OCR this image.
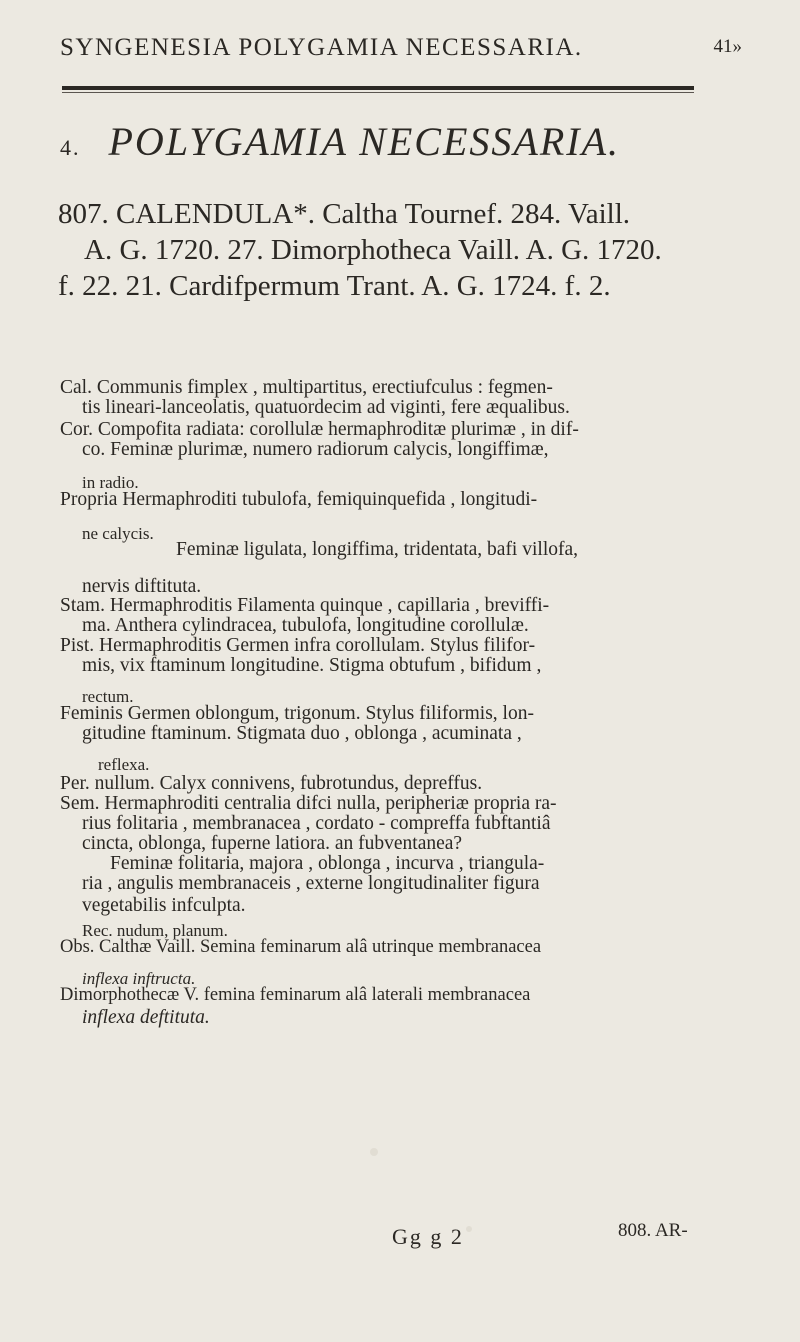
SYNGENESIA POLYGAMIA NECESSARIA.	41»
4. POLYGAMIA NECESSARIA.
807. CALENDULA*. Caltha Tournef. 284. Vaill.
A. G. 1720. 27. Dimorphotheca Vaill. A. G. 1720.
f. 22. 21. Cardifpermum Trant. A. G. 1724. f. 2.
Cal. Communis fimplex , multipartitus, erectiufculus : fegmen-
tis lineari-lanceolatis, quatuordecim ad viginti, fere æqualibus.
Cor. Compofita radiata: corollulæ hermaphroditæ plurimæ , in dif-
co. Feminæ plurimæ, numero radiorum calycis, longiffimæ,
in radio.
Propria Hermaphroditi tubulofa, femiquinquefida , longitudi-
ne calycis.
Feminæ ligulata, longiffima, tridentata, bafi villofa,
nervis diftituta.
Stam. Hermaphroditis Filamenta quinque , capillaria , breviffi-
ma. Anthera cylindracea, tubulofa, longitudine corollulæ.
Pist. Hermaphroditis Germen infra corollulam. Stylus filifor-
mis, vix ftaminum longitudine. Stigma obtufum , bifidum ,
rectum.
Feminis Germen oblongum, trigonum. Stylus filiformis, lon-
gitudine ftaminum. Stigmata duo , oblonga , acuminata ,
reflexa.
Per. nullum. Calyx connivens, fubrotundus, depreffus.
Sem. Hermaphroditi centralia difci nulla, peripheriæ propria ra-
rius folitaria , membranacea , cordato - compreffa fubftantiâ
cincta, oblonga, fuperne latiora. an fubventanea?
Feminæ folitaria, majora , oblonga , incurva , triangula-
ria , angulis membranaceis , externe longitudinaliter figura
vegetabilis infculpta.
Rec. nudum, planum.
Obs. Calthæ Vaill. Semina feminarum alâ utrinque membranacea
inflexa inftructa.
Dimorphothecæ V. femina feminarum alâ laterali membranacea
inflexa deftituta.
Gg g 2	808. AR-
